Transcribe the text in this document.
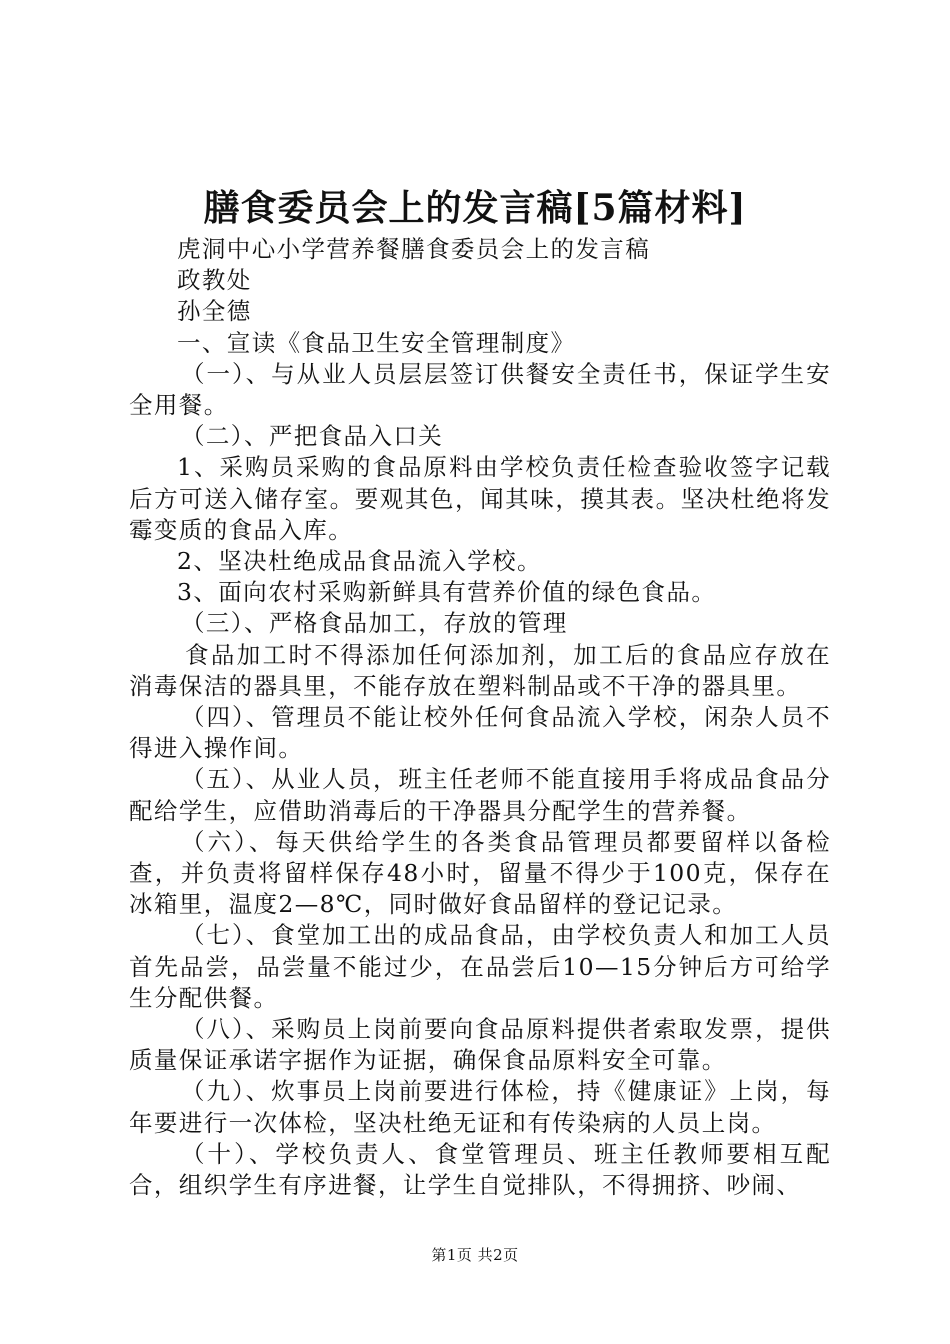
膳食委员会上的发言稿[5篇材料]

虎洞中心小学营养餐膳食委员会上的发言稿

政教处

孙全德

一、宣读《食品卫生安全管理制度》

（一）、与从业人员层层签订供餐安全责任书，保证学生安全用餐。

（二）、严把食品入口关

1、采购员采购的食品原料由学校负责任检查验收签字记载后方可送入储存室。要观其色，闻其味，摸其表。坚决杜绝将发霉变质的食品入库。

2、坚决杜绝成品食品流入学校。

3、面向农村采购新鲜具有营养价值的绿色食品。

（三）、严格食品加工，存放的管理

食品加工时不得添加任何添加剂，加工后的食品应存放在消毒保洁的器具里，不能存放在塑料制品或不干净的器具里。

（四）、管理员不能让校外任何食品流入学校，闲杂人员不得进入操作间。

（五）、从业人员，班主任老师不能直接用手将成品食品分配给学生，应借助消毒后的干净器具分配学生的营养餐。

（六）、每天供给学生的各类食品管理员都要留样以备检查，并负责将留样保存48小时，留量不得少于100克，保存在冰箱里，温度2—8℃，同时做好食品留样的登记记录。

（七）、食堂加工出的成品食品，由学校负责人和加工人员首先品尝，品尝量不能过少，在品尝后10—15分钟后方可给学生分配供餐。

（八）、采购员上岗前要向食品原料提供者索取发票，提供质量保证承诺字据作为证据，确保食品原料安全可靠。

（九）、炊事员上岗前要进行体检，持《健康证》上岗，每年要进行一次体检，坚决杜绝无证和有传染病的人员上岗。

（十）、学校负责人、食堂管理员、班主任教师要相互配合，组织学生有序进餐，让学生自觉排队，不得拥挤、吵闹、

第1页 共2页
